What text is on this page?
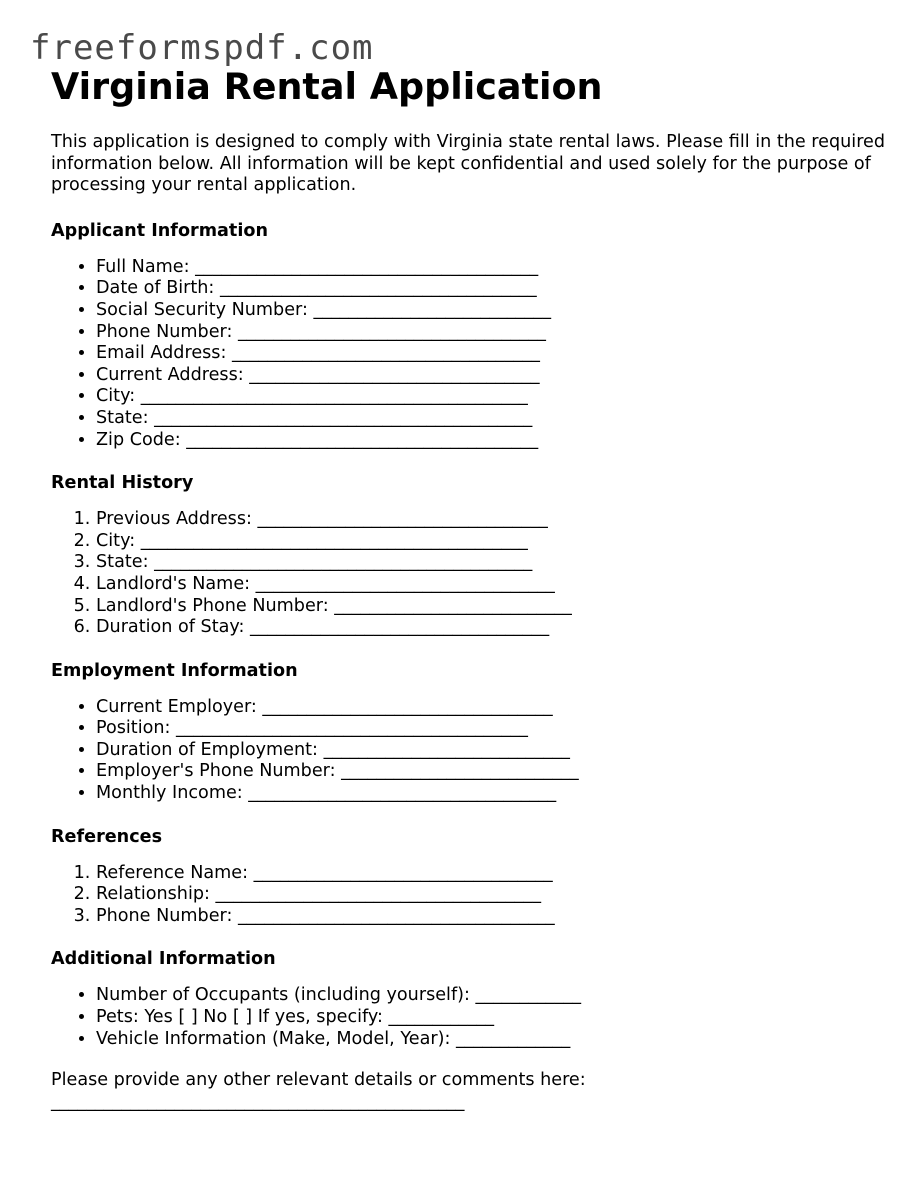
freeformspdf.com
Virginia Rental Application

This application is designed to comply with Virginia state rental laws. Please fill in the required information below. All information will be kept confidential and used solely for the purpose of processing your rental application.

Applicant Information
• Full Name: _______________________________________
• Date of Birth: ____________________________________
• Social Security Number: ___________________________
• Phone Number: ___________________________________
• Email Address: ___________________________________
• Current Address: _________________________________
• City: ____________________________________________
• State: ___________________________________________
• Zip Code: ________________________________________
Rental History
1. Previous Address: _________________________________
2. City: ____________________________________________
3. State: ___________________________________________
4. Landlord's Name: __________________________________
5. Landlord's Phone Number: ___________________________
6. Duration of Stay: __________________________________
Employment Information
• Current Employer: _________________________________
• Position: ________________________________________
• Duration of Employment: ____________________________
• Employer's Phone Number: ___________________________
• Monthly Income: ___________________________________
References
1. Reference Name: __________________________________
2. Relationship: _____________________________________
3. Phone Number: ____________________________________
Additional Information
• Number of Occupants (including yourself): ____________
• Pets: Yes [ ] No [ ] If yes, specify: ____________
• Vehicle Information (Make, Model, Year): _____________

Please provide any other relevant details or comments here:

_______________________________________________
